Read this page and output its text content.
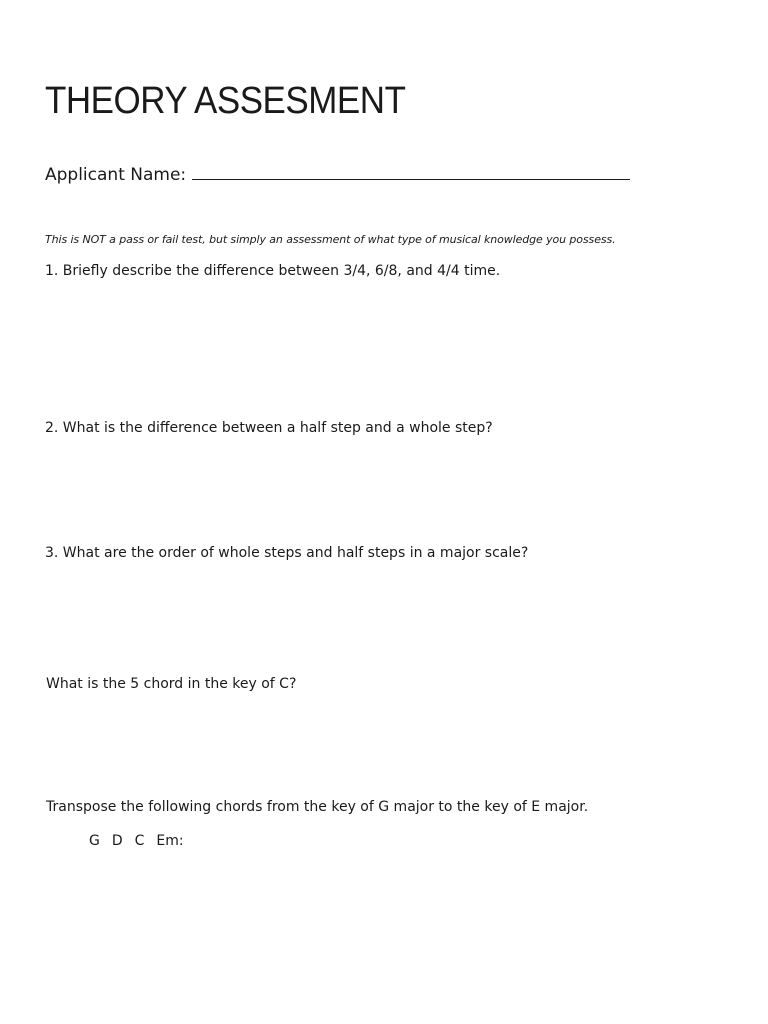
THEORY ASSESMENT
Applicant Name:
This is NOT a pass or fail test, but simply an assessment of what type of musical knowledge you possess.
1. Briefly describe the difference between 3/4, 6/8, and 4/4 time.
2. What is the difference between a half step and a whole step?
3. What are the order of whole steps and half steps in a major scale?
What is the 5 chord in the key of C?
Transpose the following chords from the key of G major to the key of E major.
G D C Em:
